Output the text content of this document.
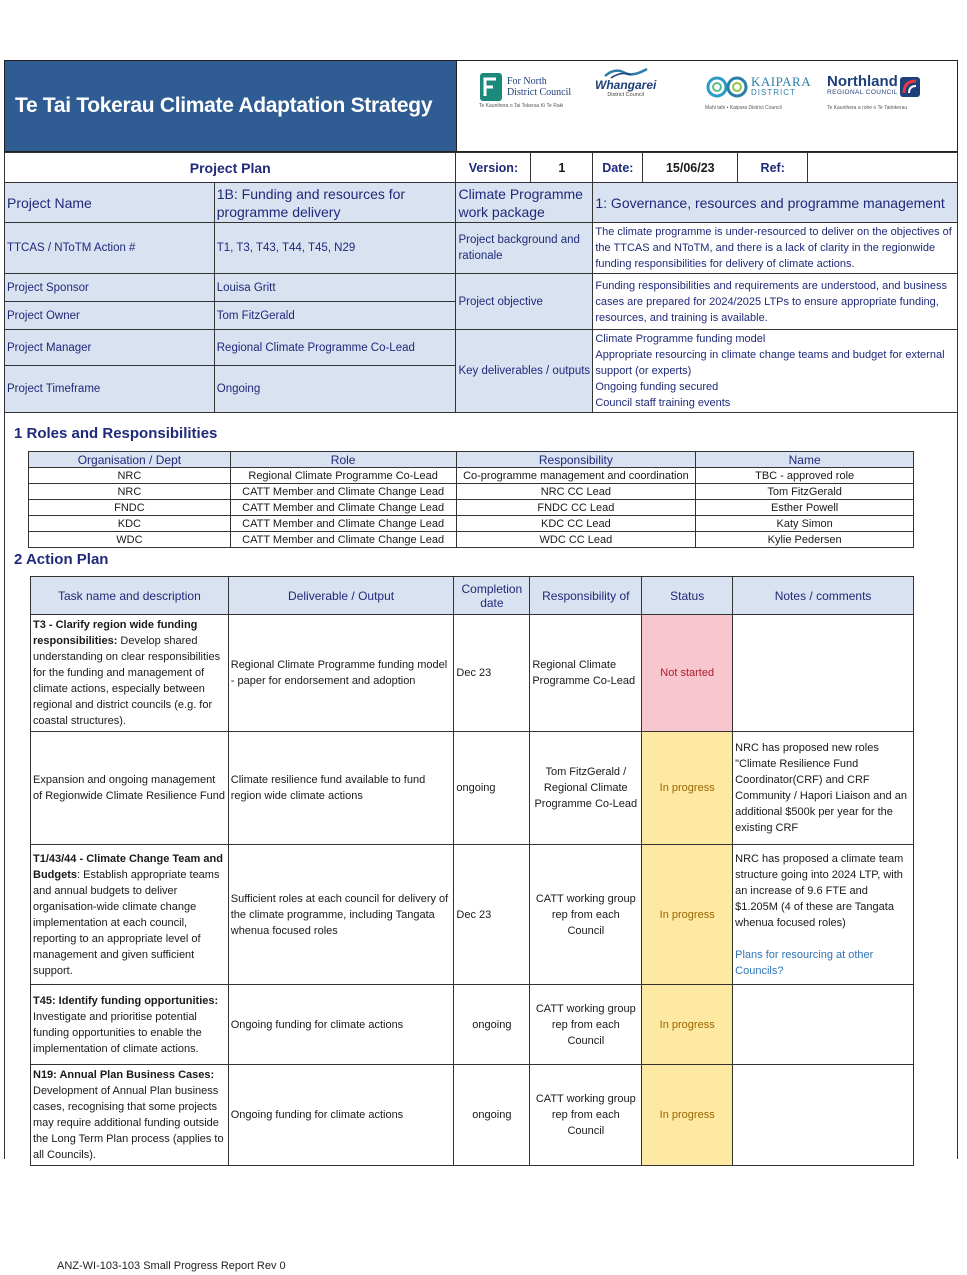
Te Tai Tokerau Climate Adaptation Strategy
For North
District Council
Te Kaunihera o Tai Tokerau Ki Te Raki
Whangarei
District Council
KAIPARA
DISTRICT
Mahi tahi • Kaipara District Council
Northland
REGIONAL COUNCIL
Te Kaunihera a rohe o Te Taitokerau
Project Plan		Version:	1	Date:	15/06/23	Ref:	
Project Name	1B: Funding and resources for programme delivery	Climate Programme work package		1: Governance, resources and programme management			
TTCAS / NToTM Action #	T1, T3, T43, T44, T45, N29	Project background and rationale		The climate programme is under-resourced to deliver on the objectives of the TTCAS and NToTM, and there is a lack of clarity in the regionwide funding responsibilities for delivery of climate actions.			
Project Sponsor	Louisa Gritt	Project objective		Funding responsibilities and requirements are understood, and business cases are prepared for 2024/2025 LTPs to ensure appropriate funding, resources, and training is available.			
Project Owner	Tom FitzGerald						
Project Manager	Regional Climate Programme Co-Lead	Key deliverables / outputs		Climate Programme funding model
Appropriate resourcing in climate change teams and budget for external support (or experts)
Ongoing funding secured
Council staff training events			

Project Timeframe	Ongoing						
1 Roles and Responsibilities
Organisation / Dept	Role	Responsibility	Name
NRC	Regional Climate Programme Co-Lead	Co-programme management and coordination	TBC - approved role
NRC	CATT Member and Climate Change Lead	NRC CC Lead	Tom FitzGerald
FNDC	CATT Member and Climate Change Lead	FNDC CC Lead	Esther Powell
KDC	CATT Member and Climate Change Lead	KDC CC Lead	Katy Simon
WDC	CATT Member and Climate Change Lead	WDC CC Lead	Kylie Pedersen
2 Action Plan
Task name and description	Deliverable / Output	Completion date	Responsibility of	Status	Notes / comments
T3 - Clarify region wide funding responsibilities: Develop shared understanding on clear responsibilities for the funding and management of climate actions, especially between regional and district councils (e.g. for coastal structures).	Regional Climate Programme funding model - paper for endorsement and adoption	Dec 23	Regional Climate Programme Co-Lead	Not started	
Expansion and ongoing management of Regionwide Climate Resilience Fund	Climate resilience fund available to fund region wide climate actions	ongoing	Tom FitzGerald / Regional Climate Programme Co-Lead	In progress	NRC has proposed new roles "Climate Resilience Fund Coordinator(CRF) and CRF Community / Hapori Liaison and an additional $500k per year for the existing CRF
T1/43/44 - Climate Change Team and Budgets: Establish appropriate teams and annual budgets to deliver organisation-wide climate change implementation at each council, reporting to an appropriate level of management and given sufficient support.	Sufficient roles at each council for delivery of the climate programme, including Tangata whenua focused roles	Dec 23	CATT working group rep from each Council	In progress	NRC has proposed a climate team structure going into 2024 LTP, with an increase of 9.6 FTE and $1.205M (4 of these are Tangata whenua focused roles)
Plans for resourcing at other Councils?

T45: Identify funding opportunities: Investigate and prioritise potential funding opportunities to enable the implementation of climate actions.	Ongoing funding for climate actions	ongoing	CATT working group rep from each Council	In progress	
N19: Annual Plan Business Cases: Development of Annual Plan business cases, recognising that some projects may require additional funding outside the Long Term Plan process (applies to all Councils).	Ongoing funding for climate actions	ongoing	CATT working group rep from each Council	In progress	
ANZ-WI-103-103 Small Progress Report Rev 0
